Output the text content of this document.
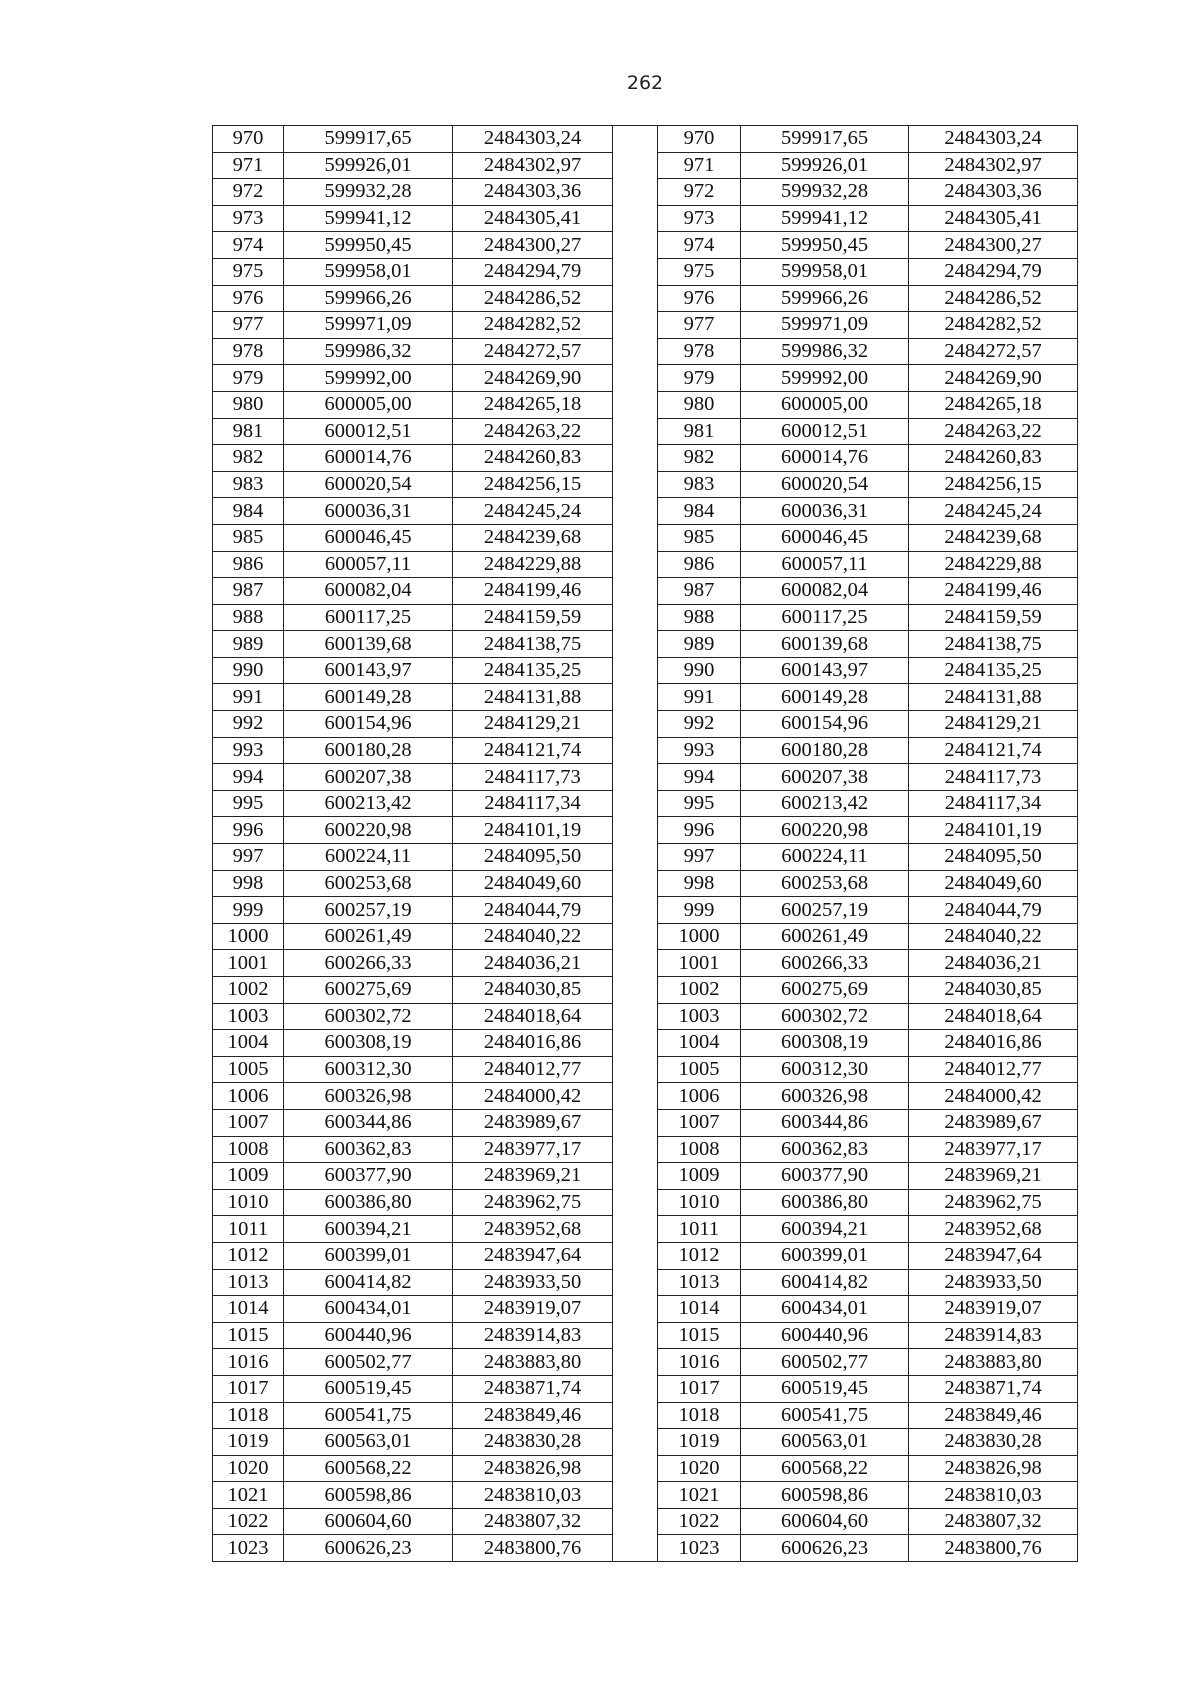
262
970	599917,65	2484303,24		970	599917,65	2484303,24
971	599926,01	2484302,97		971	599926,01	2484302,97
972	599932,28	2484303,36		972	599932,28	2484303,36
973	599941,12	2484305,41		973	599941,12	2484305,41
974	599950,45	2484300,27		974	599950,45	2484300,27
975	599958,01	2484294,79		975	599958,01	2484294,79
976	599966,26	2484286,52		976	599966,26	2484286,52
977	599971,09	2484282,52		977	599971,09	2484282,52
978	599986,32	2484272,57		978	599986,32	2484272,57
979	599992,00	2484269,90		979	599992,00	2484269,90
980	600005,00	2484265,18		980	600005,00	2484265,18
981	600012,51	2484263,22		981	600012,51	2484263,22
982	600014,76	2484260,83		982	600014,76	2484260,83
983	600020,54	2484256,15		983	600020,54	2484256,15
984	600036,31	2484245,24		984	600036,31	2484245,24
985	600046,45	2484239,68		985	600046,45	2484239,68
986	600057,11	2484229,88		986	600057,11	2484229,88
987	600082,04	2484199,46		987	600082,04	2484199,46
988	600117,25	2484159,59		988	600117,25	2484159,59
989	600139,68	2484138,75		989	600139,68	2484138,75
990	600143,97	2484135,25		990	600143,97	2484135,25
991	600149,28	2484131,88		991	600149,28	2484131,88
992	600154,96	2484129,21		992	600154,96	2484129,21
993	600180,28	2484121,74		993	600180,28	2484121,74
994	600207,38	2484117,73		994	600207,38	2484117,73
995	600213,42	2484117,34		995	600213,42	2484117,34
996	600220,98	2484101,19		996	600220,98	2484101,19
997	600224,11	2484095,50		997	600224,11	2484095,50
998	600253,68	2484049,60		998	600253,68	2484049,60
999	600257,19	2484044,79		999	600257,19	2484044,79
1000	600261,49	2484040,22		1000	600261,49	2484040,22
1001	600266,33	2484036,21		1001	600266,33	2484036,21
1002	600275,69	2484030,85		1002	600275,69	2484030,85
1003	600302,72	2484018,64		1003	600302,72	2484018,64
1004	600308,19	2484016,86		1004	600308,19	2484016,86
1005	600312,30	2484012,77		1005	600312,30	2484012,77
1006	600326,98	2484000,42		1006	600326,98	2484000,42
1007	600344,86	2483989,67		1007	600344,86	2483989,67
1008	600362,83	2483977,17		1008	600362,83	2483977,17
1009	600377,90	2483969,21		1009	600377,90	2483969,21
1010	600386,80	2483962,75		1010	600386,80	2483962,75
1011	600394,21	2483952,68		1011	600394,21	2483952,68
1012	600399,01	2483947,64		1012	600399,01	2483947,64
1013	600414,82	2483933,50		1013	600414,82	2483933,50
1014	600434,01	2483919,07		1014	600434,01	2483919,07
1015	600440,96	2483914,83		1015	600440,96	2483914,83
1016	600502,77	2483883,80		1016	600502,77	2483883,80
1017	600519,45	2483871,74		1017	600519,45	2483871,74
1018	600541,75	2483849,46		1018	600541,75	2483849,46
1019	600563,01	2483830,28		1019	600563,01	2483830,28
1020	600568,22	2483826,98		1020	600568,22	2483826,98
1021	600598,86	2483810,03		1021	600598,86	2483810,03
1022	600604,60	2483807,32		1022	600604,60	2483807,32
1023	600626,23	2483800,76		1023	600626,23	2483800,76
